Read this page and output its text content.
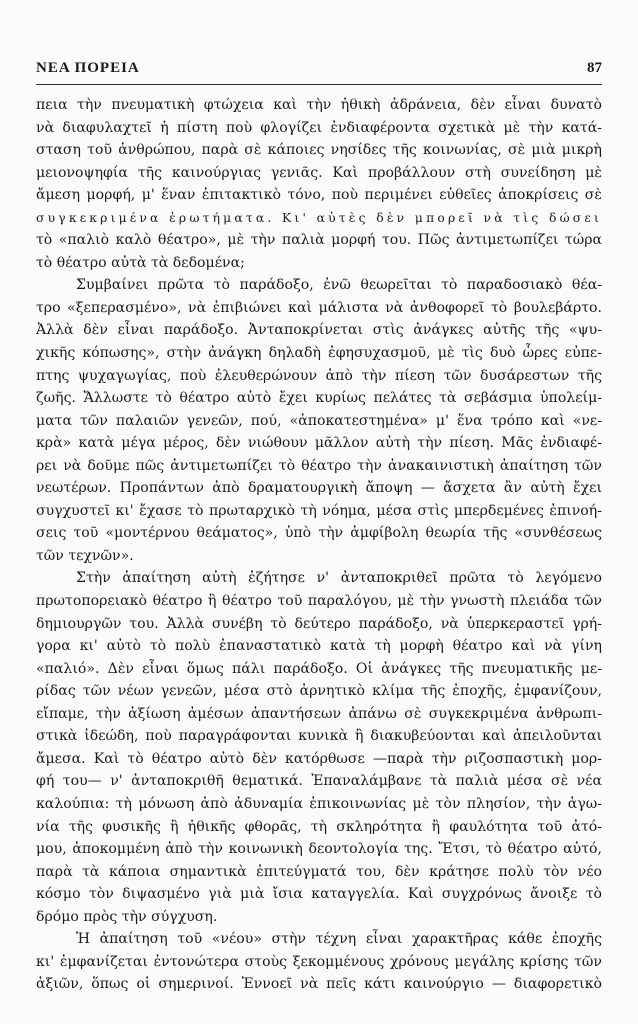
ΝΕΑ ΠΟΡΕΙΑ	87
πεια τὴν πνευματικὴ φτώχεια καὶ τὴν ἠθικὴ ἀδράνεια, δὲν εἶναι δυνατὸ
νὰ διαφυλαχτεῖ ἡ πίστη ποὺ φλογίζει ἐνδιαφέροντα σχετικὰ μὲ τὴν κατά-
σταση τοῦ ἀνθρώπου, παρὰ σὲ κάποιες νησίδες τῆς κοινωνίας, σὲ μιὰ μικρὴ
μειονοψηφία τῆς καινούργιας γενιᾶς. Καὶ προβάλλουν στὴ συνείδηση μὲ
ἄμεση μορφή, μ' ἕναν ἐπιτακτικὸ τόνο, ποὺ περιμένει εὐθεῖες ἀποκρίσεις σὲ
συγκεκριμένα ἐρωτήματα. Κι' αὐτὲς δὲν μπορεῖ νὰ τὶς δώσει
τὸ «παλιὸ καλὸ θέατρο», μὲ τὴν παλιὰ μορφή του. Πῶς ἀντιμετωπίζει τώρα
τὸ θέατρο αὐτὰ τὰ δεδομένα;
Συμβαίνει πρῶτα τὸ παράδοξο, ἐνῶ θεωρεῖται τὸ παραδοσιακὸ θέα-
τρο «ξεπερασμένο», νὰ ἐπιβιώνει καὶ μάλιστα νὰ ἀνθοφορεῖ τὸ βουλεβάρτο.
Ἀλλὰ δὲν εἶναι παράδοξο. Ἀνταποκρίνεται στὶς ἀνάγκες αὐτῆς τῆς «ψυ-
χικῆς κόπωσης», στὴν ἀνάγκη δηλαδὴ ἐφησυχασμοῦ, μὲ τὶς δυὸ ὧρες εὐπε-
πτης ψυχαγωγίας, ποὺ ἐλευθερώνουν ἀπὸ τὴν πίεση τῶν δυσάρεστων τῆς
ζωῆς. Ἄλλωστε τὸ θέατρο αὐτὸ ἔχει κυρίως πελάτες τὰ σεβάσμια ὑπολείμ-
ματα τῶν παλαιῶν γενεῶν, πού, «ἀποκατεστημένα» μ' ἕνα τρόπο καὶ «νε-
κρὰ» κατὰ μέγα μέρος, δὲν νιώθουν μᾶλλον αὐτὴ τὴν πίεση. Μᾶς ἐνδιαφέ-
ρει νὰ δοῦμε πῶς ἀντιμετωπίζει τὸ θέατρο τὴν ἀνακαινιστικὴ ἀπαίτηση τῶν
νεωτέρων. Προπάντων ἀπὸ δραματουργικὴ ἄποψη — ἄσχετα ἂν αὐτὴ ἔχει
συγχυστεῖ κι' ἔχασε τὸ πρωταρχικὸ τὴ νόημα, μέσα στὶς μπερδεμένες ἐπινοή-
σεις τοῦ «μοντέρνου θεάματος», ὑπὸ τὴν ἀμφίβολη θεωρία τῆς «συνθέσεως
τῶν τεχνῶν».
Στὴν ἀπαίτηση αὐτὴ ἐζήτησε ν' ἀνταποκριθεῖ πρῶτα τὸ λεγόμενο
πρωτοπορειακὸ θέατρο ἢ θέατρο τοῦ παραλόγου, μὲ τὴν γνωστὴ πλειάδα τῶν
δημιουργῶν του. Ἀλλὰ συνέβη τὸ δεύτερο παράδοξο, νὰ ὑπερκεραστεῖ γρή-
γορα κι' αὐτὸ τὸ πολὺ ἐπαναστατικὸ κατὰ τὴ μορφὴ θέατρο καὶ νὰ γίνη
«παλιό». Δὲν εἶναι ὅμως πάλι παράδοξο. Οἱ ἀνάγκες τῆς πνευματικῆς με-
ρίδας τῶν νέων γενεῶν, μέσα στὸ ἀρνητικὸ κλίμα τῆς ἐποχῆς, ἐμφανίζουν,
εἴπαμε, τὴν ἀξίωση ἀμέσων ἀπαντήσεων ἀπάνω σὲ συγκεκριμένα ἀνθρωπι-
στικὰ ἰδεώδη, ποὺ παραγράφονται κυνικὰ ἢ διακυβεύονται καὶ ἀπειλοῦνται
ἄμεσα. Καὶ τὸ θέατρο αὐτὸ δὲν κατόρθωσε —παρὰ τὴν ριζοσπαστικὴ μορ-
φή του— ν' ἀνταποκριθῆ θεματικά. Ἐπαναλάμβανε τὰ παλιὰ μέσα σὲ νέα
καλούπια: τὴ μόνωση ἀπὸ ἀδυναμία ἐπικοινωνίας μὲ τὸν πλησίον, τὴν ἀγω-
νία τῆς φυσικῆς ἢ ἠθικῆς φθορᾶς, τὴ σκληρότητα ἢ φαυλότητα τοῦ ἀτό-
μου, ἀποκομμένη ἀπὸ τὴν κοινωνικὴ δεοντολογία της. Ἔτσι, τὸ θέατρο αὐτό,
παρὰ τὰ κάποια σημαντικὰ ἐπιτεύγματά του, δὲν κράτησε πολὺ τὸν νέο
κόσμο τὸν διψασμένο γιὰ μιὰ ἴσια καταγγελία. Καὶ συγχρόνως ἄνοιξε τὸ
δρόμο πρὸς τὴν σύγχυση.
Ἡ ἀπαίτηση τοῦ «νέου» στὴν τέχνη εἶναι χαρακτῆρας κάθε ἐποχῆς
κι' ἐμφανίζεται ἐντονώτερα στοὺς ξεκομμένους χρόνους μεγάλης κρίσης τῶν
ἀξιῶν, ὅπως οἱ σημερινοί. Ἐννοεῖ νὰ πεῖς κάτι καινούργιο — διαφορετικὸ
